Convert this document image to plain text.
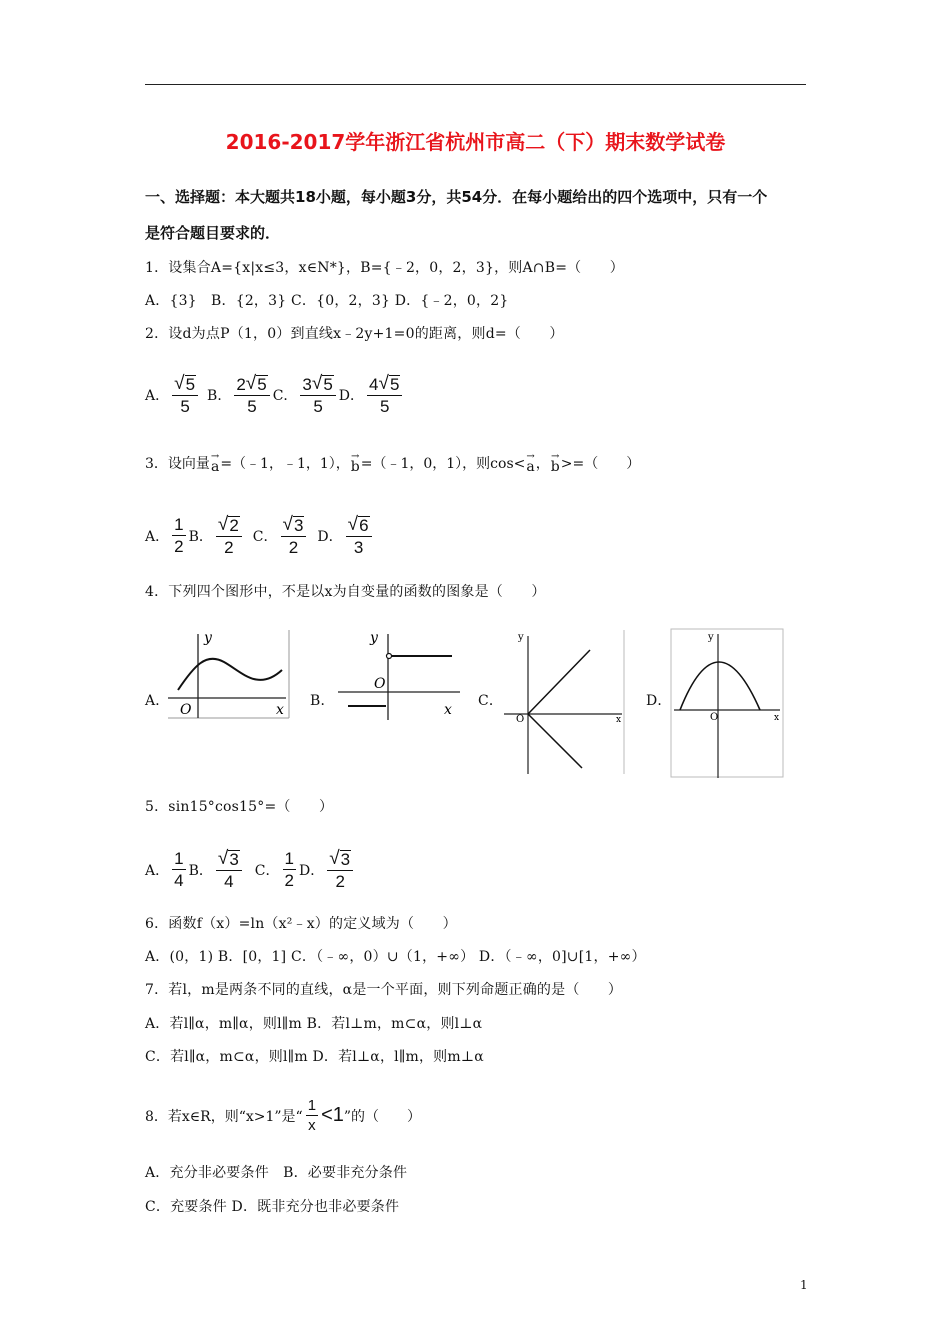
2016-2017学年浙江省杭州市高二（下）期末数学试卷
一、选择题：本大题共18小题，每小题3分，共54分．在每小题给出的四个选项中，只有一个
是符合题目要求的．
1．设集合A={x|x≤3，x∈N*}，B={﹣2，0，2，3}，则A∩B=（　　）
A．{3}　B．{2，3} C．{0，2，3} D．{﹣2，0，2}
2．设d为点P（1，0）到直线x﹣2y+1=0的距离，则d=（　　）
A． $\frac{√ 5}{5}$ B． $\frac{2 √ 5}{5}$ C． $\frac{3 √ 5}{5}$ D． $\frac{4 √ 5}{5}$
3．设向量 →
a =（﹣1，﹣1，1）， →
b =（﹣1，0，1），则cos< →
a ， →
b >=（　　）
A． $\frac{1}{2}$ B． $\frac{√ 2}{2}$ C． $\frac{√ 3}{2}$ D． $\frac{√ 6}{3}$
4．下列四个图形中，不是以x为自变量的函数的图象是（　　）
A．	B．	C．	D．
y
O	x
y
O
x
y
O	x
y
O	x
5．sin15°cos15°=（　　）
A． $\frac{1}{4}$ B． $\frac{√ 3}{4}$ C． $\frac{1}{2}$ D． $\frac{√ 3}{2}$
6．函数f（x）=ln（x²﹣x）的定义域为（　　）
A．(0，1) B．[0，1] C．（﹣∞，0）∪（1，+∞） D．（﹣∞，0]∪[1，+∞）
7．若l，m是两条不同的直线，α是一个平面，则下列命题正确的是（　　）
A．若l∥α，m∥α，则l∥m B．若l⊥m，m⊂α，则l⊥α
C．若l∥α，m⊂α，则l∥m D．若l⊥α，l∥m，则m⊥α
8．若x∈R，则“x>1”是“ $\frac{1}{x} <1$ ”的（　　）
A．充分非必要条件　B．必要非充分条件
C．充要条件 D．既非充分也非必要条件
1
